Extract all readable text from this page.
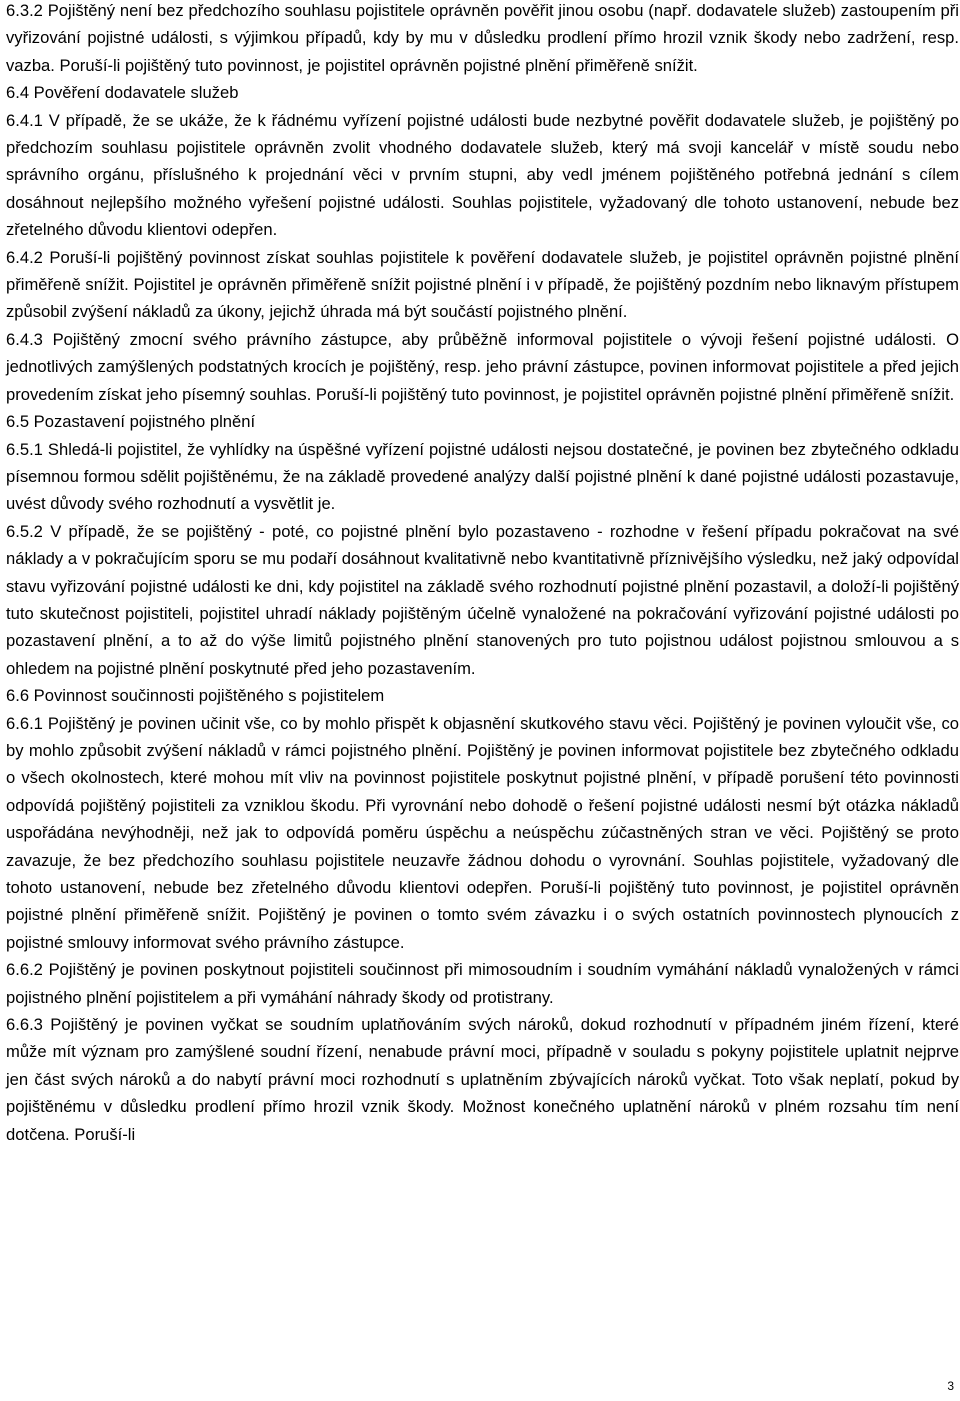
6.3.2 Pojištěný není bez předchozího souhlasu pojistitele oprávněn pověřit jinou osobu (např. dodavatele služeb) zastoupením při vyřizování pojistné události, s výjimkou případů, kdy by mu v důsledku prodlení přímo hrozil vznik škody nebo zadržení, resp. vazba. Poruší-li pojištěný tuto povinnost, je pojistitel oprávněn pojistné plnění přiměřeně snížit.

6.4 Pověření dodavatele služeb

6.4.1 V případě, že se ukáže, že k řádnému vyřízení pojistné události bude nezbytné pověřit dodavatele služeb, je pojištěný po předchozím souhlasu pojistitele oprávněn zvolit vhodného dodavatele služeb, který má svoji kancelář v místě soudu nebo správního orgánu, příslušného k projednání věci v prvním stupni, aby vedl jménem pojištěného potřebná jednání s cílem dosáhnout nejlepšího možného vyřešení pojistné události. Souhlas pojistitele, vyžadovaný dle tohoto ustanovení, nebude bez zřetelného důvodu klientovi odepřen.

6.4.2 Poruší-li pojištěný povinnost získat souhlas pojistitele k pověření dodavatele služeb, je pojistitel oprávněn pojistné plnění přiměřeně snížit. Pojistitel je oprávněn přiměřeně snížit pojistné plnění i v případě, že pojištěný pozdním nebo liknavým přístupem způsobil zvýšení nákladů za úkony, jejichž úhrada má být součástí pojistného plnění.

6.4.3 Pojištěný zmocní svého právního zástupce, aby průběžně informoval pojistitele o vývoji řešení pojistné události. O jednotlivých zamýšlených podstatných krocích je pojištěný, resp. jeho právní zástupce, povinen informovat pojistitele a před jejich provedením získat jeho písemný souhlas. Poruší-li pojištěný tuto povinnost, je pojistitel oprávněn pojistné plnění přiměřeně snížit.

6.5 Pozastavení pojistného plnění

6.5.1 Shledá-li pojistitel, že vyhlídky na úspěšné vyřízení pojistné události nejsou dostatečné, je povinen bez zbytečného odkladu písemnou formou sdělit pojištěnému, že na základě provedené analýzy další pojistné plnění k dané pojistné události pozastavuje, uvést důvody svého rozhodnutí a vysvětlit je.

6.5.2 V případě, že se pojištěný - poté, co pojistné plnění bylo pozastaveno - rozhodne v řešení případu pokračovat na své náklady a v pokračujícím sporu se mu podaří dosáhnout kvalitativně nebo kvantitativně příznivějšího výsledku, než jaký odpovídal stavu vyřizování pojistné události ke dni, kdy pojistitel na základě svého rozhodnutí pojistné plnění pozastavil, a doloží-li pojištěný tuto skutečnost pojistiteli, pojistitel uhradí náklady pojištěným účelně vynaložené na pokračování vyřizování pojistné události po pozastavení plnění, a to až do výše limitů pojistného plnění stanovených pro tuto pojistnou událost pojistnou smlouvou a s ohledem na pojistné plnění poskytnuté před jeho pozastavením.

6.6 Povinnost součinnosti pojištěného s pojistitelem

6.6.1 Pojištěný je povinen učinit vše, co by mohlo přispět k objasnění skutkového stavu věci. Pojištěný je povinen vyloučit vše, co by mohlo způsobit zvýšení nákladů v rámci pojistného plnění. Pojištěný je povinen informovat pojistitele bez zbytečného odkladu o všech okolnostech, které mohou mít vliv na povinnost pojistitele poskytnut pojistné plnění, v případě porušení této povinnosti odpovídá pojištěný pojistiteli za vzniklou škodu. Při vyrovnání nebo dohodě o řešení pojistné události nesmí být otázka nákladů uspořádána nevýhodněji, než jak to odpovídá poměru úspěchu a neúspěchu zúčastněných stran ve věci. Pojištěný se proto zavazuje, že bez předchozího souhlasu pojistitele neuzavře žádnou dohodu o vyrovnání. Souhlas pojistitele, vyžadovaný dle tohoto ustanovení, nebude bez zřetelného důvodu klientovi odepřen. Poruší-li pojištěný tuto povinnost, je pojistitel oprávněn pojistné plnění přiměřeně snížit. Pojištěný je povinen o tomto svém závazku i o svých ostatních povinnostech plynoucích z pojistné smlouvy informovat svého právního zástupce.

6.6.2 Pojištěný je povinen poskytnout pojistiteli součinnost při mimosoudním i soudním vymáhání nákladů vynaložených v rámci pojistného plnění pojistitelem a při vymáhání náhrady škody od protistrany.

6.6.3 Pojištěný je povinen vyčkat se soudním uplatňováním svých nároků, dokud rozhodnutí v případném jiném řízení, které může mít význam pro zamýšlené soudní řízení, nenabude právní moci, případně v souladu s pokyny pojistitele uplatnit nejprve jen část svých nároků a do nabytí právní moci rozhodnutí s uplatněním zbývajících nároků vyčkat. Toto však neplatí, pokud by pojištěnému v důsledku prodlení přímo hrozil vznik škody. Možnost konečného uplatnění nároků v plném rozsahu tím není dotčena. Poruší-li

3
